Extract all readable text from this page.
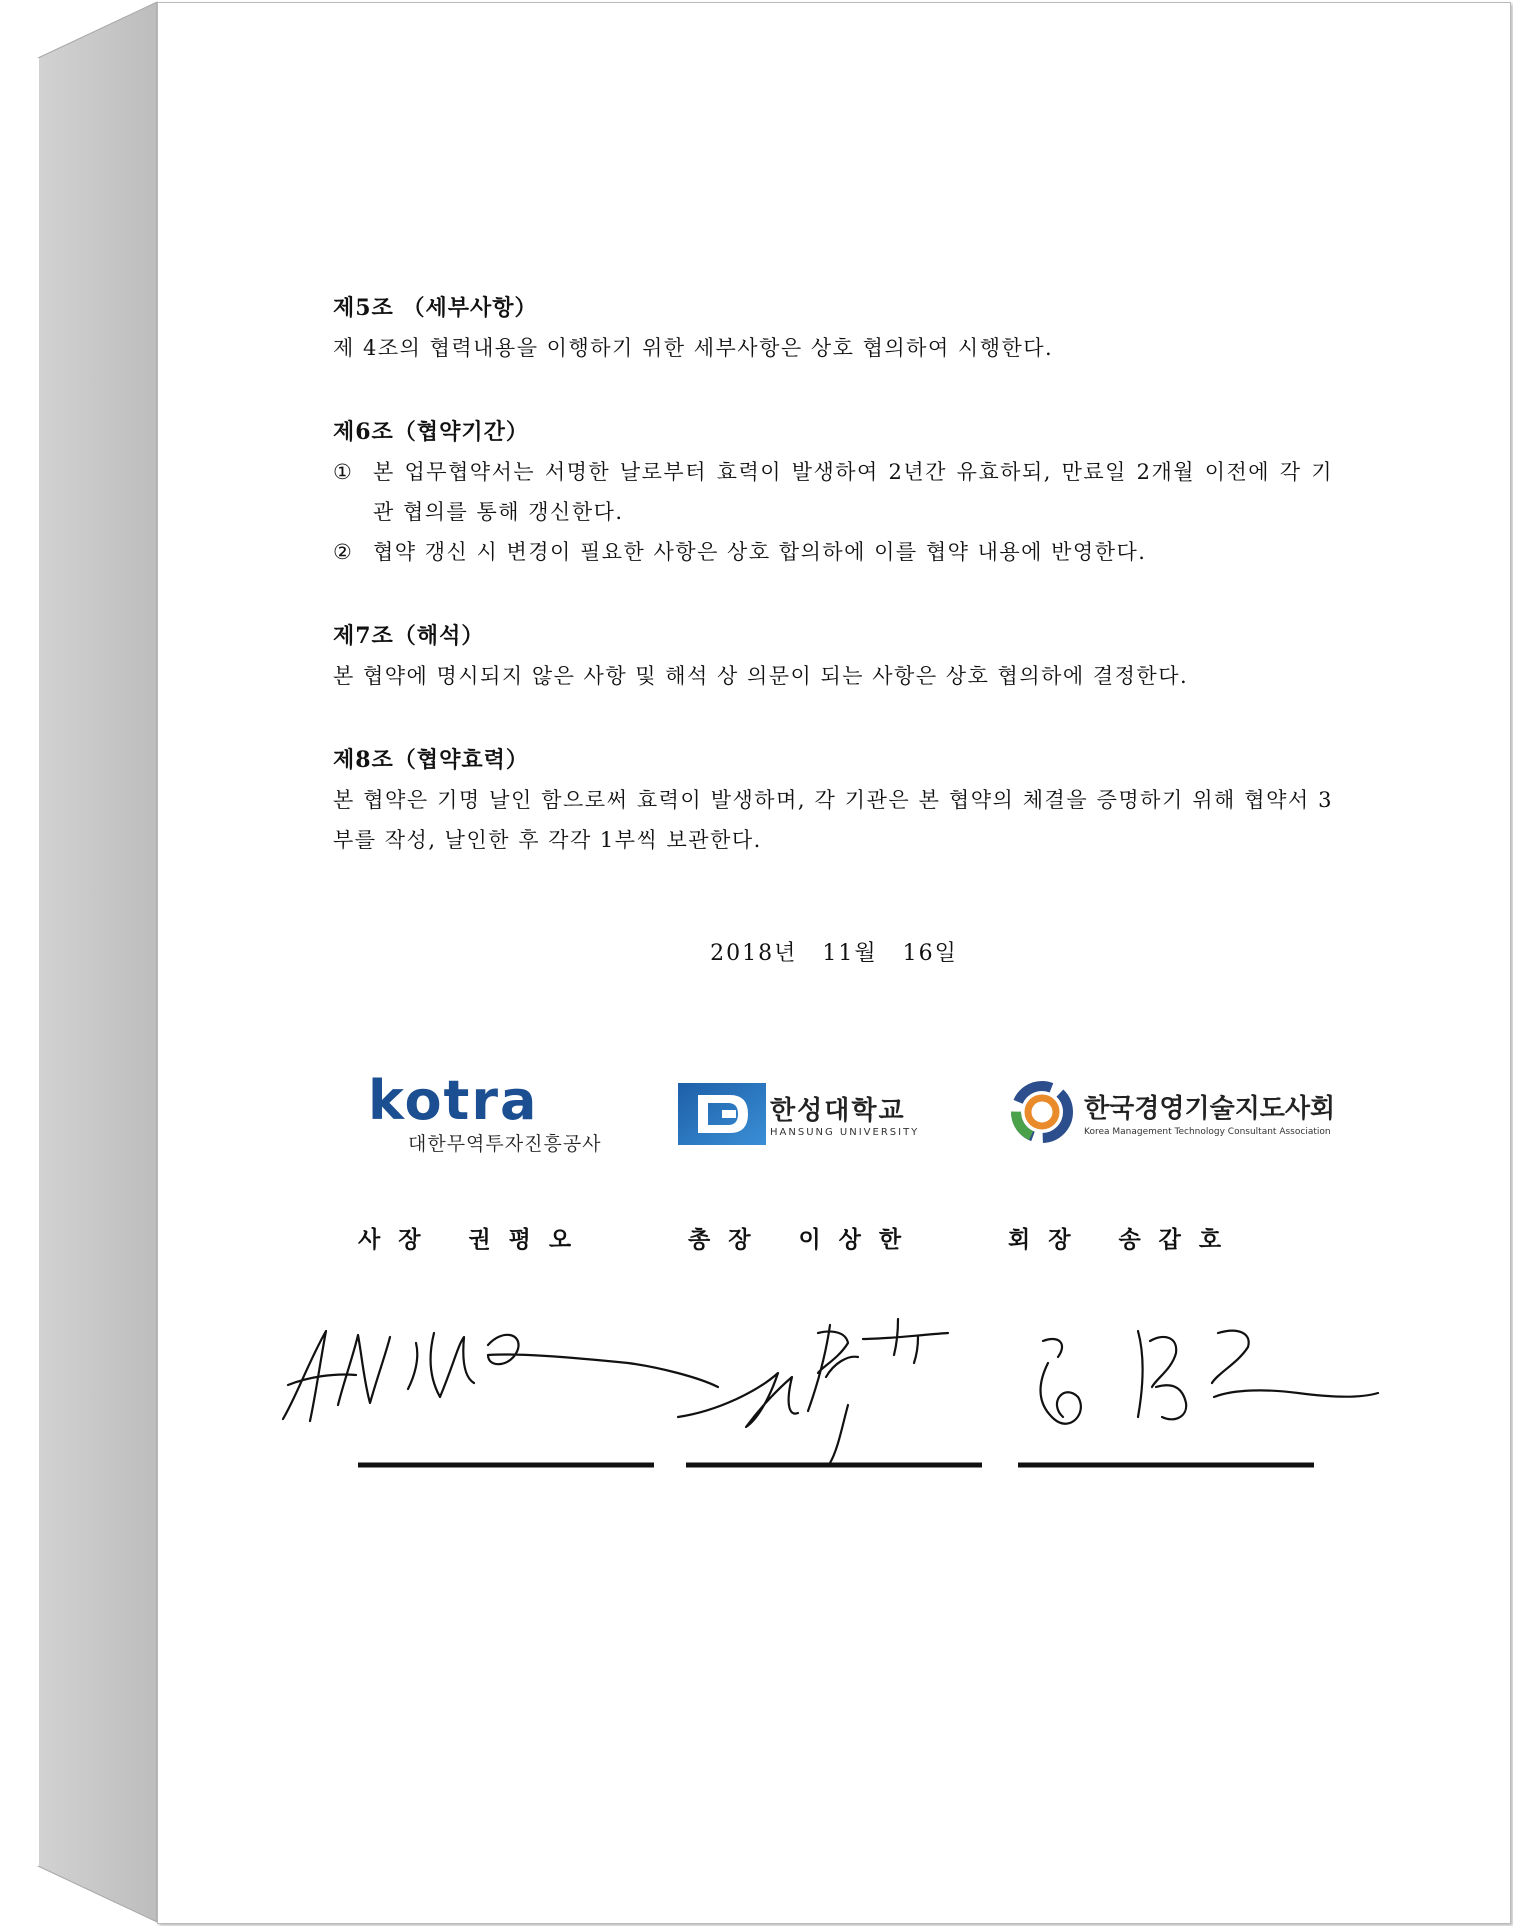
제5조 （세부사항）

제 4조의 협력내용을 이행하기 위한 세부사항은 상호 협의하여 시행한다.

제6조（협약기간）

① 본 업무협약서는 서명한 날로부터 효력이 발생하여 2년간 유효하되, 만료일 2개월 이전에 각 기관 협의를 통해 갱신한다.
② 협약 갱신 시 변경이 필요한 사항은 상호 합의하에 이를 협약 내용에 반영한다.

제7조（해석）

본 협약에 명시되지 않은 사항 및 해석 상 의문이 되는 사항은 상호 협의하에 결정한다.

제8조（협약효력）

본 협약은 기명 날인 함으로써 효력이 발생하며, 각 기관은 본 협약의 체결을 증명하기 위해 협약서 3부를 작성, 날인한 후 각각 1부씩 보관한다.

2018년 11월 16일
kotra
대한무역투자진흥공사
한성대학교
HANSUNG UNIVERSITY
한국경영기술지도사회
Korea Management Technology Consultant Association
사장 권평오	총장 이상한	회장 송갑호
